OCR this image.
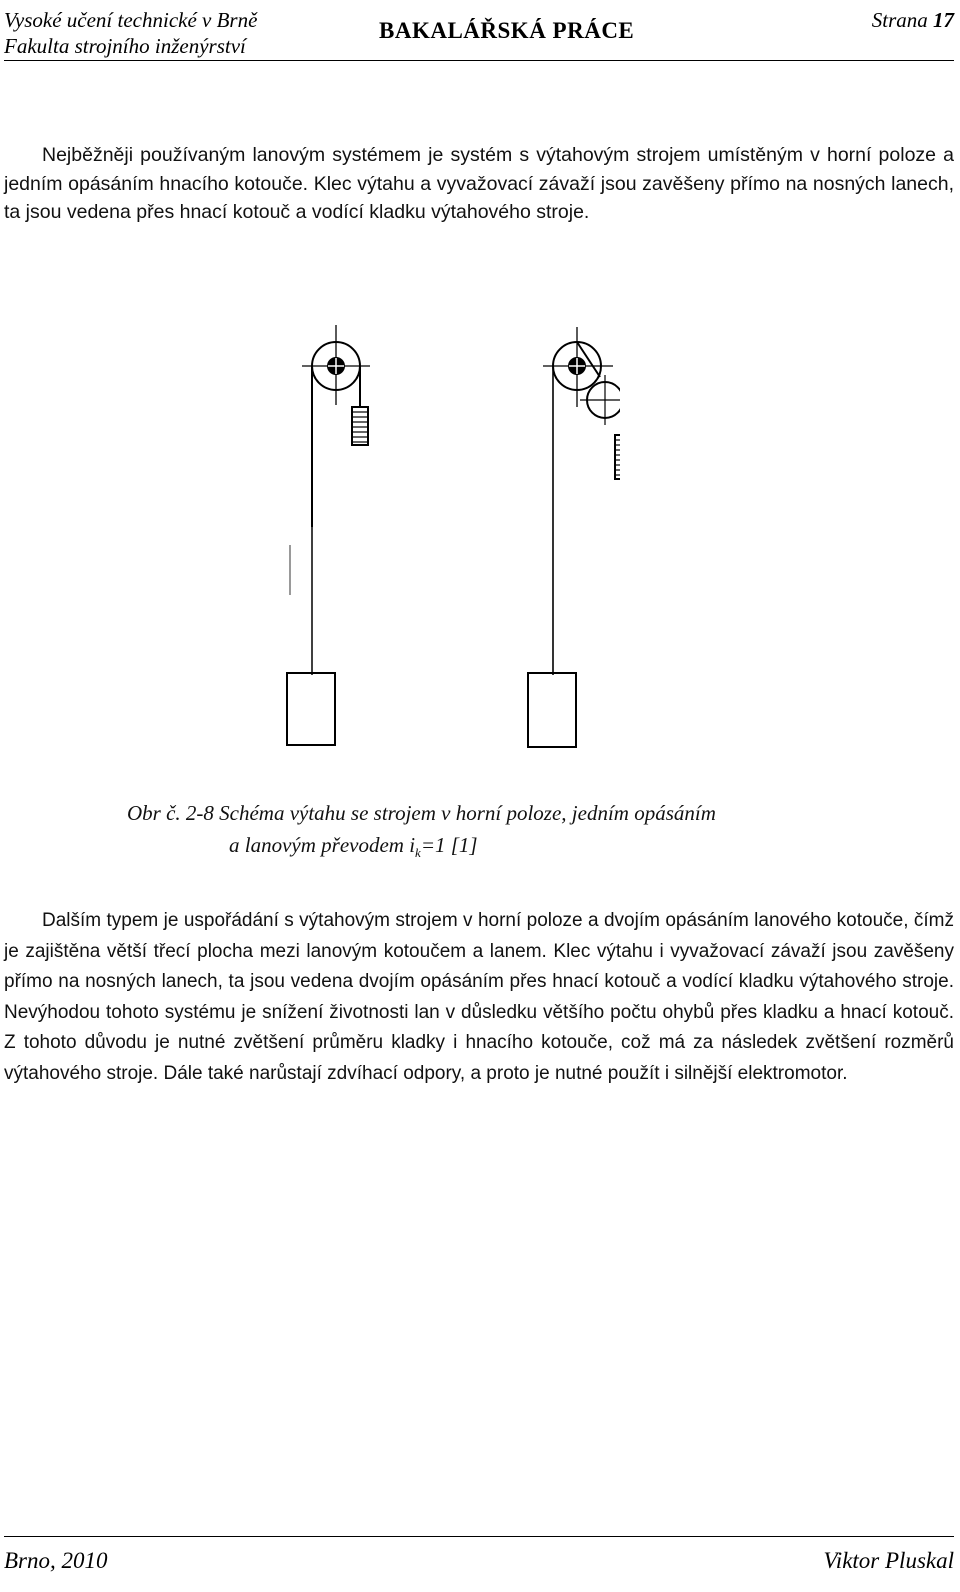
Vysoké učení technické v Brně
Fakulta strojního inženýrství
BAKALÁŘSKÁ PRÁCE	Strana 17
Nejběžněji používaným lanovým systémem je systém s výtahovým strojem umístěným v horní poloze a jedním opásáním hnacího kotouče. Klec výtahu a vyvažovací závaží jsou zavěšeny přímo na nosných lanech, ta jsou vedena přes hnací kotouč a vodící kladku výtahového stroje.
Obr č. 2-8 Schéma výtahu se strojem v horní poloze, jedním opásáním
a lanovým převodem $i_k=1$ [1]
Dalším typem je uspořádání s výtahovým strojem v horní poloze a dvojím opásáním lanového kotouče, čímž je zajištěna větší třecí plocha mezi lanovým kotoučem a lanem. Klec výtahu i vyvažovací závaží jsou zavěšeny přímo na nosných lanech, ta jsou vedena dvojím opásáním přes hnací kotouč a vodící kladku výtahového stroje. Nevýhodou tohoto systému je snížení životnosti lan v důsledku většího počtu ohybů přes kladku a hnací kotouč. Z tohoto důvodu je nutné zvětšení průměru kladky i hnacího kotouče, což má za následek zvětšení rozměrů výtahového stroje. Dále také narůstají zdvíhací odpory, a proto je nutné použít i silnější elektromotor.
Brno, 2010	Viktor Pluskal
